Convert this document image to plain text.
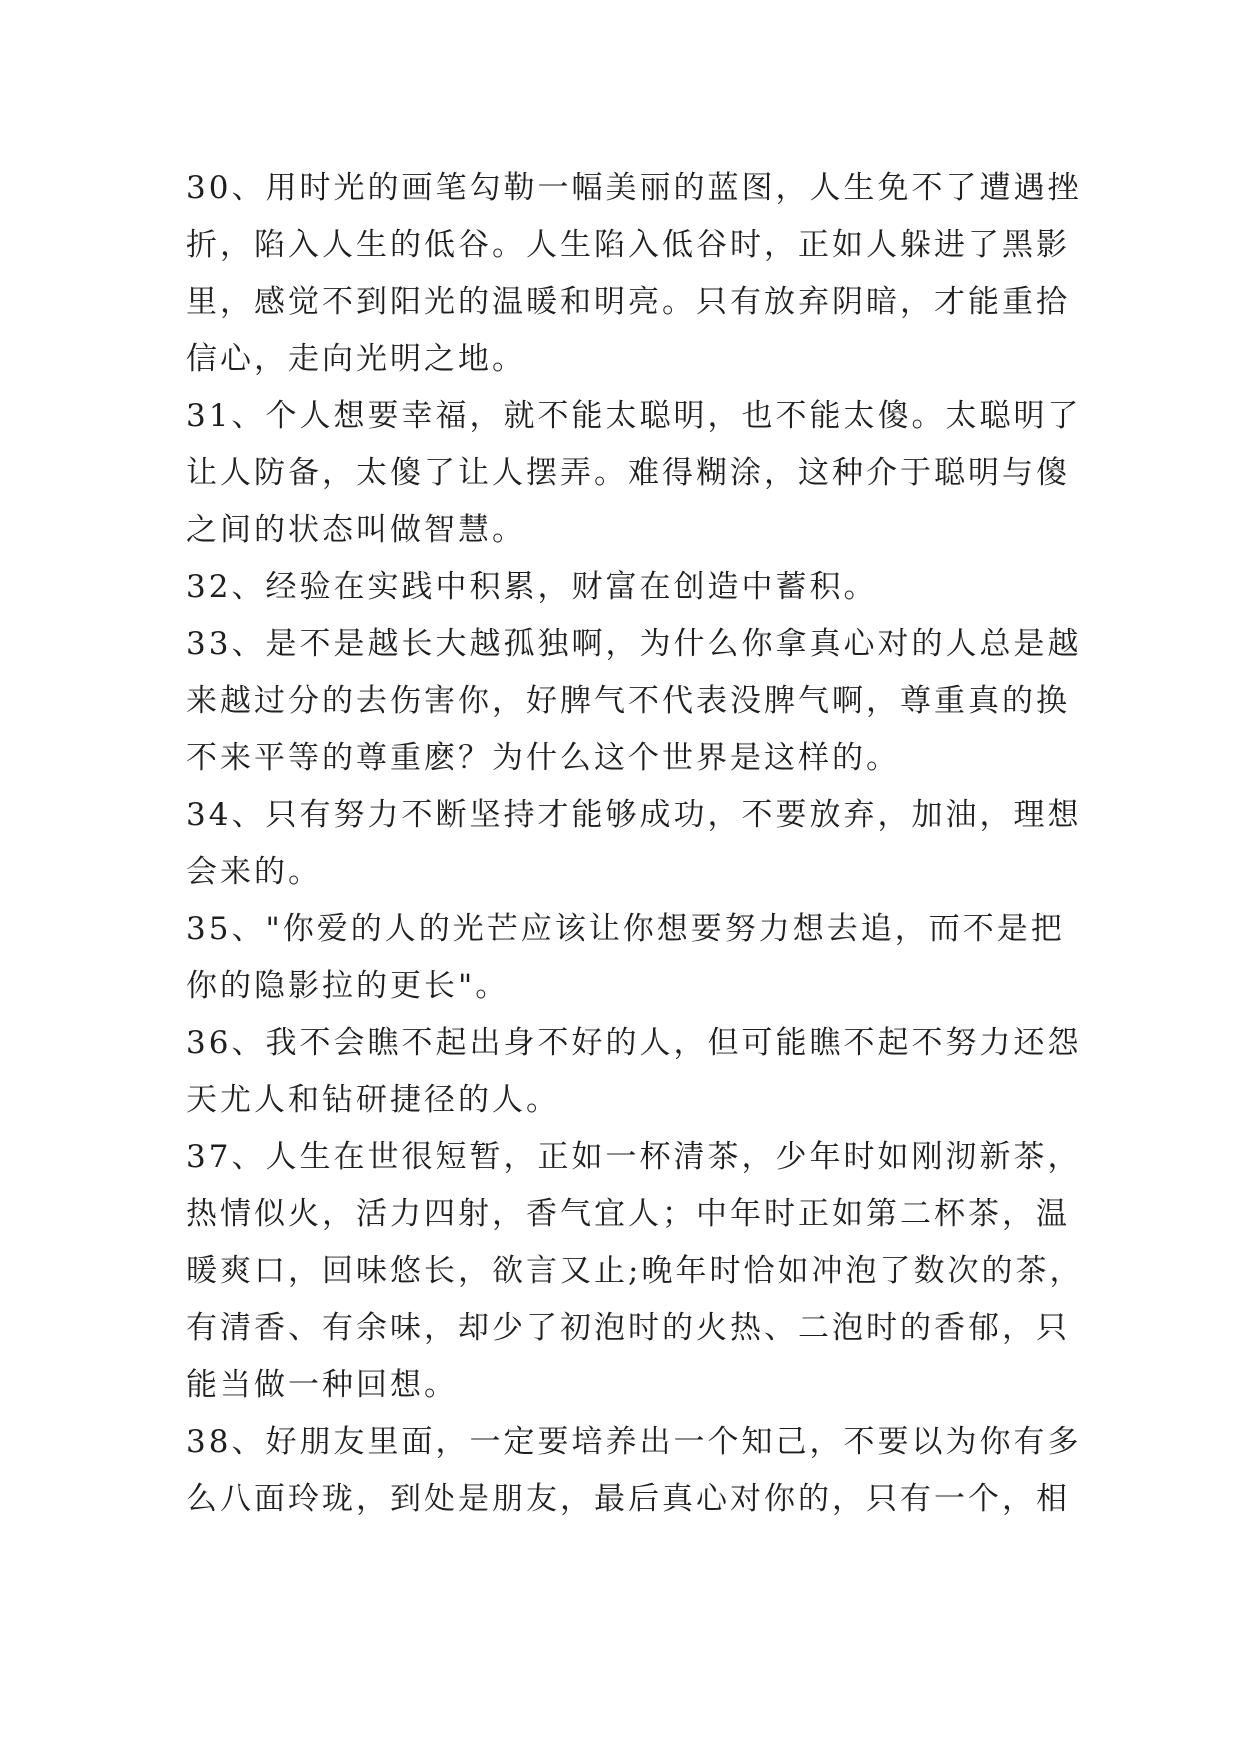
30、用时光的画笔勾勒一幅美丽的蓝图，人生免不了遭遇挫
折，陷入人生的低谷。人生陷入低谷时，正如人躲进了黑影
里，感觉不到阳光的温暖和明亮。只有放弃阴暗，才能重拾
信心，走向光明之地。
31、个人想要幸福，就不能太聪明，也不能太傻。太聪明了
让人防备，太傻了让人摆弄。难得糊涂，这种介于聪明与傻
之间的状态叫做智慧。
32、经验在实践中积累，财富在创造中蓄积。
33、是不是越长大越孤独啊，为什么你拿真心对的人总是越
来越过分的去伤害你，好脾气不代表没脾气啊，尊重真的换
不来平等的尊重麽？为什么这个世界是这样的。
34、只有努力不断坚持才能够成功，不要放弃，加油，理想
会来的。
35、"你爱的人的光芒应该让你想要努力想去追，而不是把
你的隐影拉的更长"。
36、我不会瞧不起出身不好的人，但可能瞧不起不努力还怨
天尤人和钻研捷径的人。
37、人生在世很短暂，正如一杯清茶，少年时如刚沏新茶，
热情似火，活力四射，香气宜人；中年时正如第二杯茶，温
暖爽口，回味悠长，欲言又止;晚年时恰如冲泡了数次的茶，
有清香、有余味，却少了初泡时的火热、二泡时的香郁，只
能当做一种回想。
38、好朋友里面，一定要培养出一个知己，不要以为你有多
么八面玲珑，到处是朋友，最后真心对你的，只有一个，相
